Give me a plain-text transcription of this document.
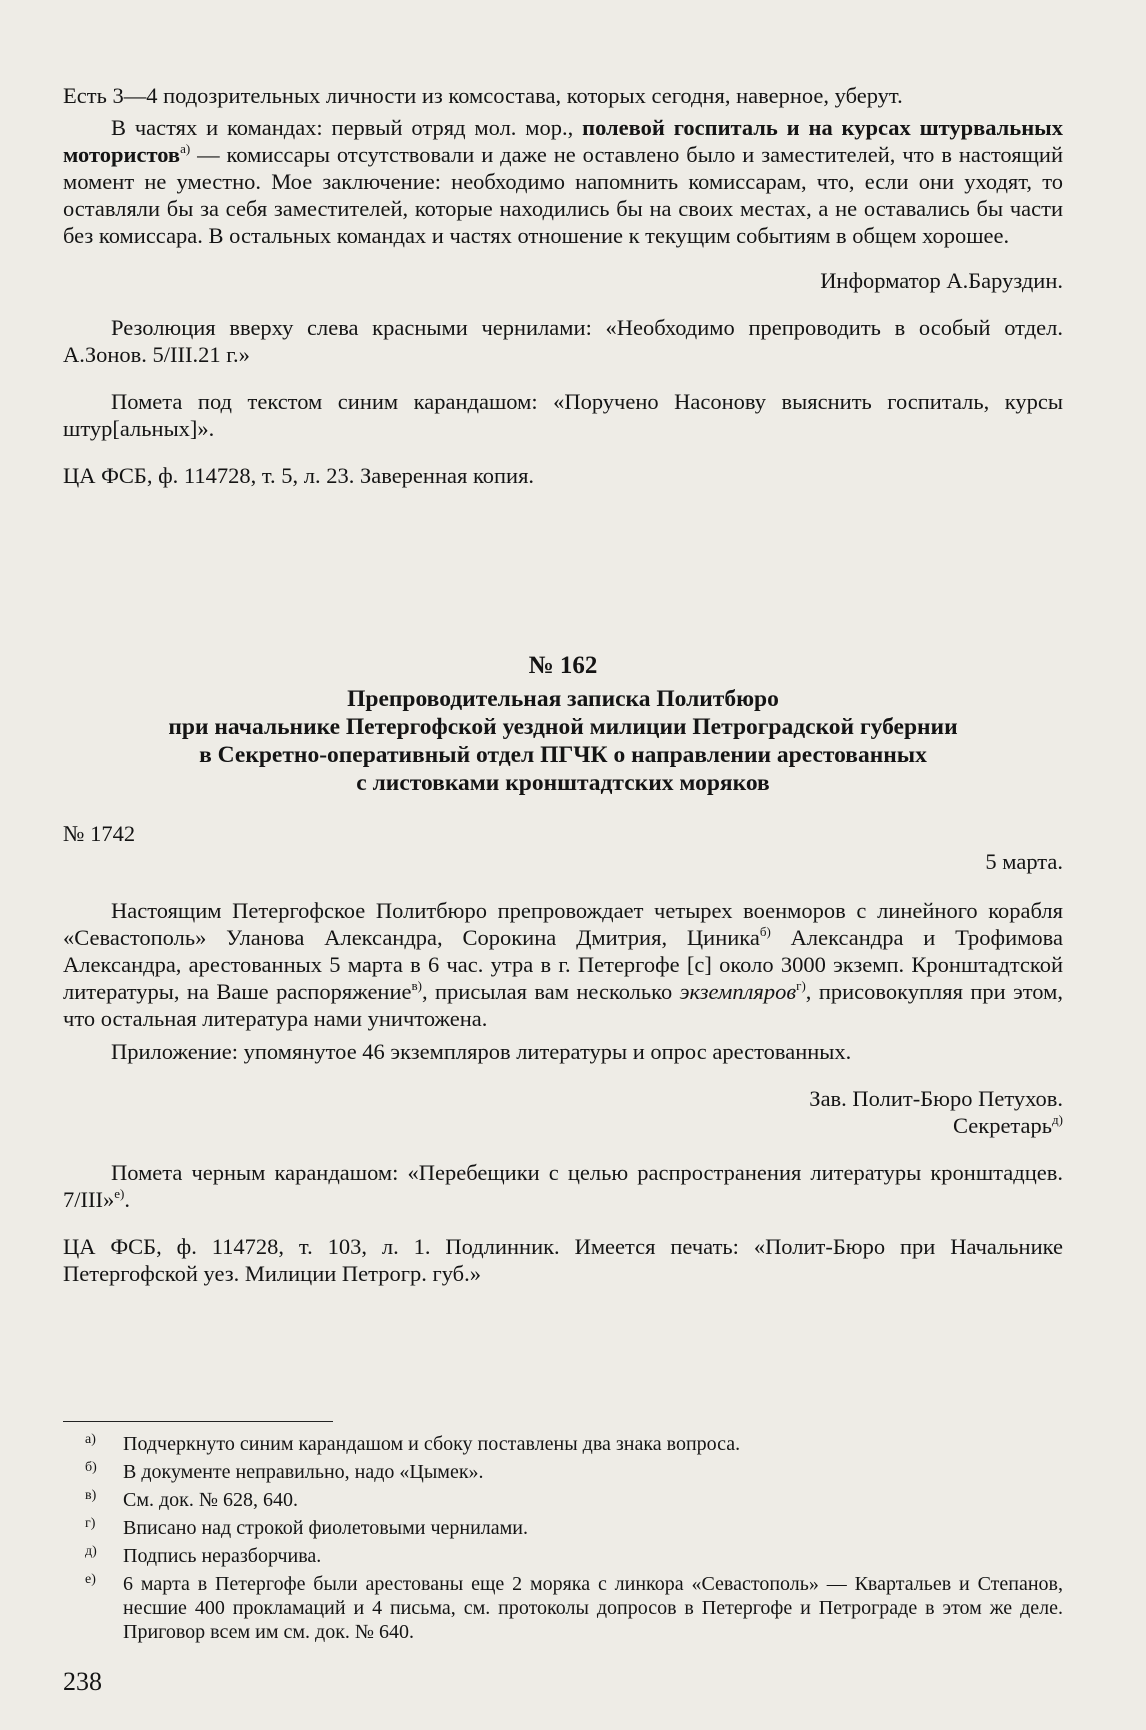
Есть 3—4 подозрительных личности из комсостава, которых сегодня, наверное, уберут.

В частях и командах: первый отряд мол. мор., полевой госпиталь и на курсах штурвальных мотористов$^{а)}$ — комиссары отсутствовали и даже не оставлено было и заместителей, что в настоящий момент не уместно. Мое заключение: необходимо напомнить комиссарам, что, если они уходят, то оставляли бы за себя заместителей, которые находились бы на своих местах, а не оставались бы части без комиссара. В остальных командах и частях отношение к текущим событиям в общем хорошее.

Информатор А.Баруздин.

Резолюция вверху слева красными чернилами: «Необходимо препроводить в особый отдел. А.Зонов. 5/III.21 г.»

Помета под текстом синим карандашом: «Поручено Насонову выяснить госпиталь, курсы штур[альных]».

ЦА ФСБ, ф. 114728, т. 5, л. 23. Заверенная копия.

№ 162
Препроводительная записка Политбюро
при начальнике Петергофской уездной милиции Петроградской губернии
в Секретно-оперативный отдел ПГЧК о направлении арестованных
с листовками кронштадтских моряков

№ 1742

5 марта.

Настоящим Петергофское Политбюро препровождает четырех военморов с линейного корабля «Севастополь» Уланова Александра, Сорокина Дмитрия, Циника$^{б)}$ Александра и Трофимова Александра, арестованных 5 марта в 6 час. утра в г. Петергофе [с] около 3000 экземп. Кронштадтской литературы, на Ваше распоряжение$^{в)}$, присылая вам несколько экземпляров$^{г)}$, присовокупляя при этом, что остальная литература нами уничтожена.

Приложение: упомянутое 46 экземпляров литературы и опрос арестованных.

Зав. Полит-Бюро Петухов.

Секретарь$^{д)}$

Помета черным карандашом: «Перебещики с целью распространения литературы кронштадцев. 7/III»$^{е)}$.

ЦА ФСБ, ф. 114728, т. 103, л. 1. Подлинник. Имеется печать: «Полит-Бюро при Начальнике Петергофской уез. Милиции Петрогр. губ.»

а)	Подчеркнуто синим карандашом и сбоку поставлены два знака вопроса.
б)	В документе неправильно, надо «Цымек».
в)	См. док. № 628, 640.
г)	Вписано над строкой фиолетовыми чернилами.
д)	Подпись неразборчива.
е)	6 марта в Петергофе были арестованы еще 2 моряка с линкора «Севастополь» — Квартальев и Степанов, несшие 400 прокламаций и 4 письма, см. протоколы допросов в Петергофе и Петрограде в этом же деле. Приговор всем им см. док. № 640.
238
